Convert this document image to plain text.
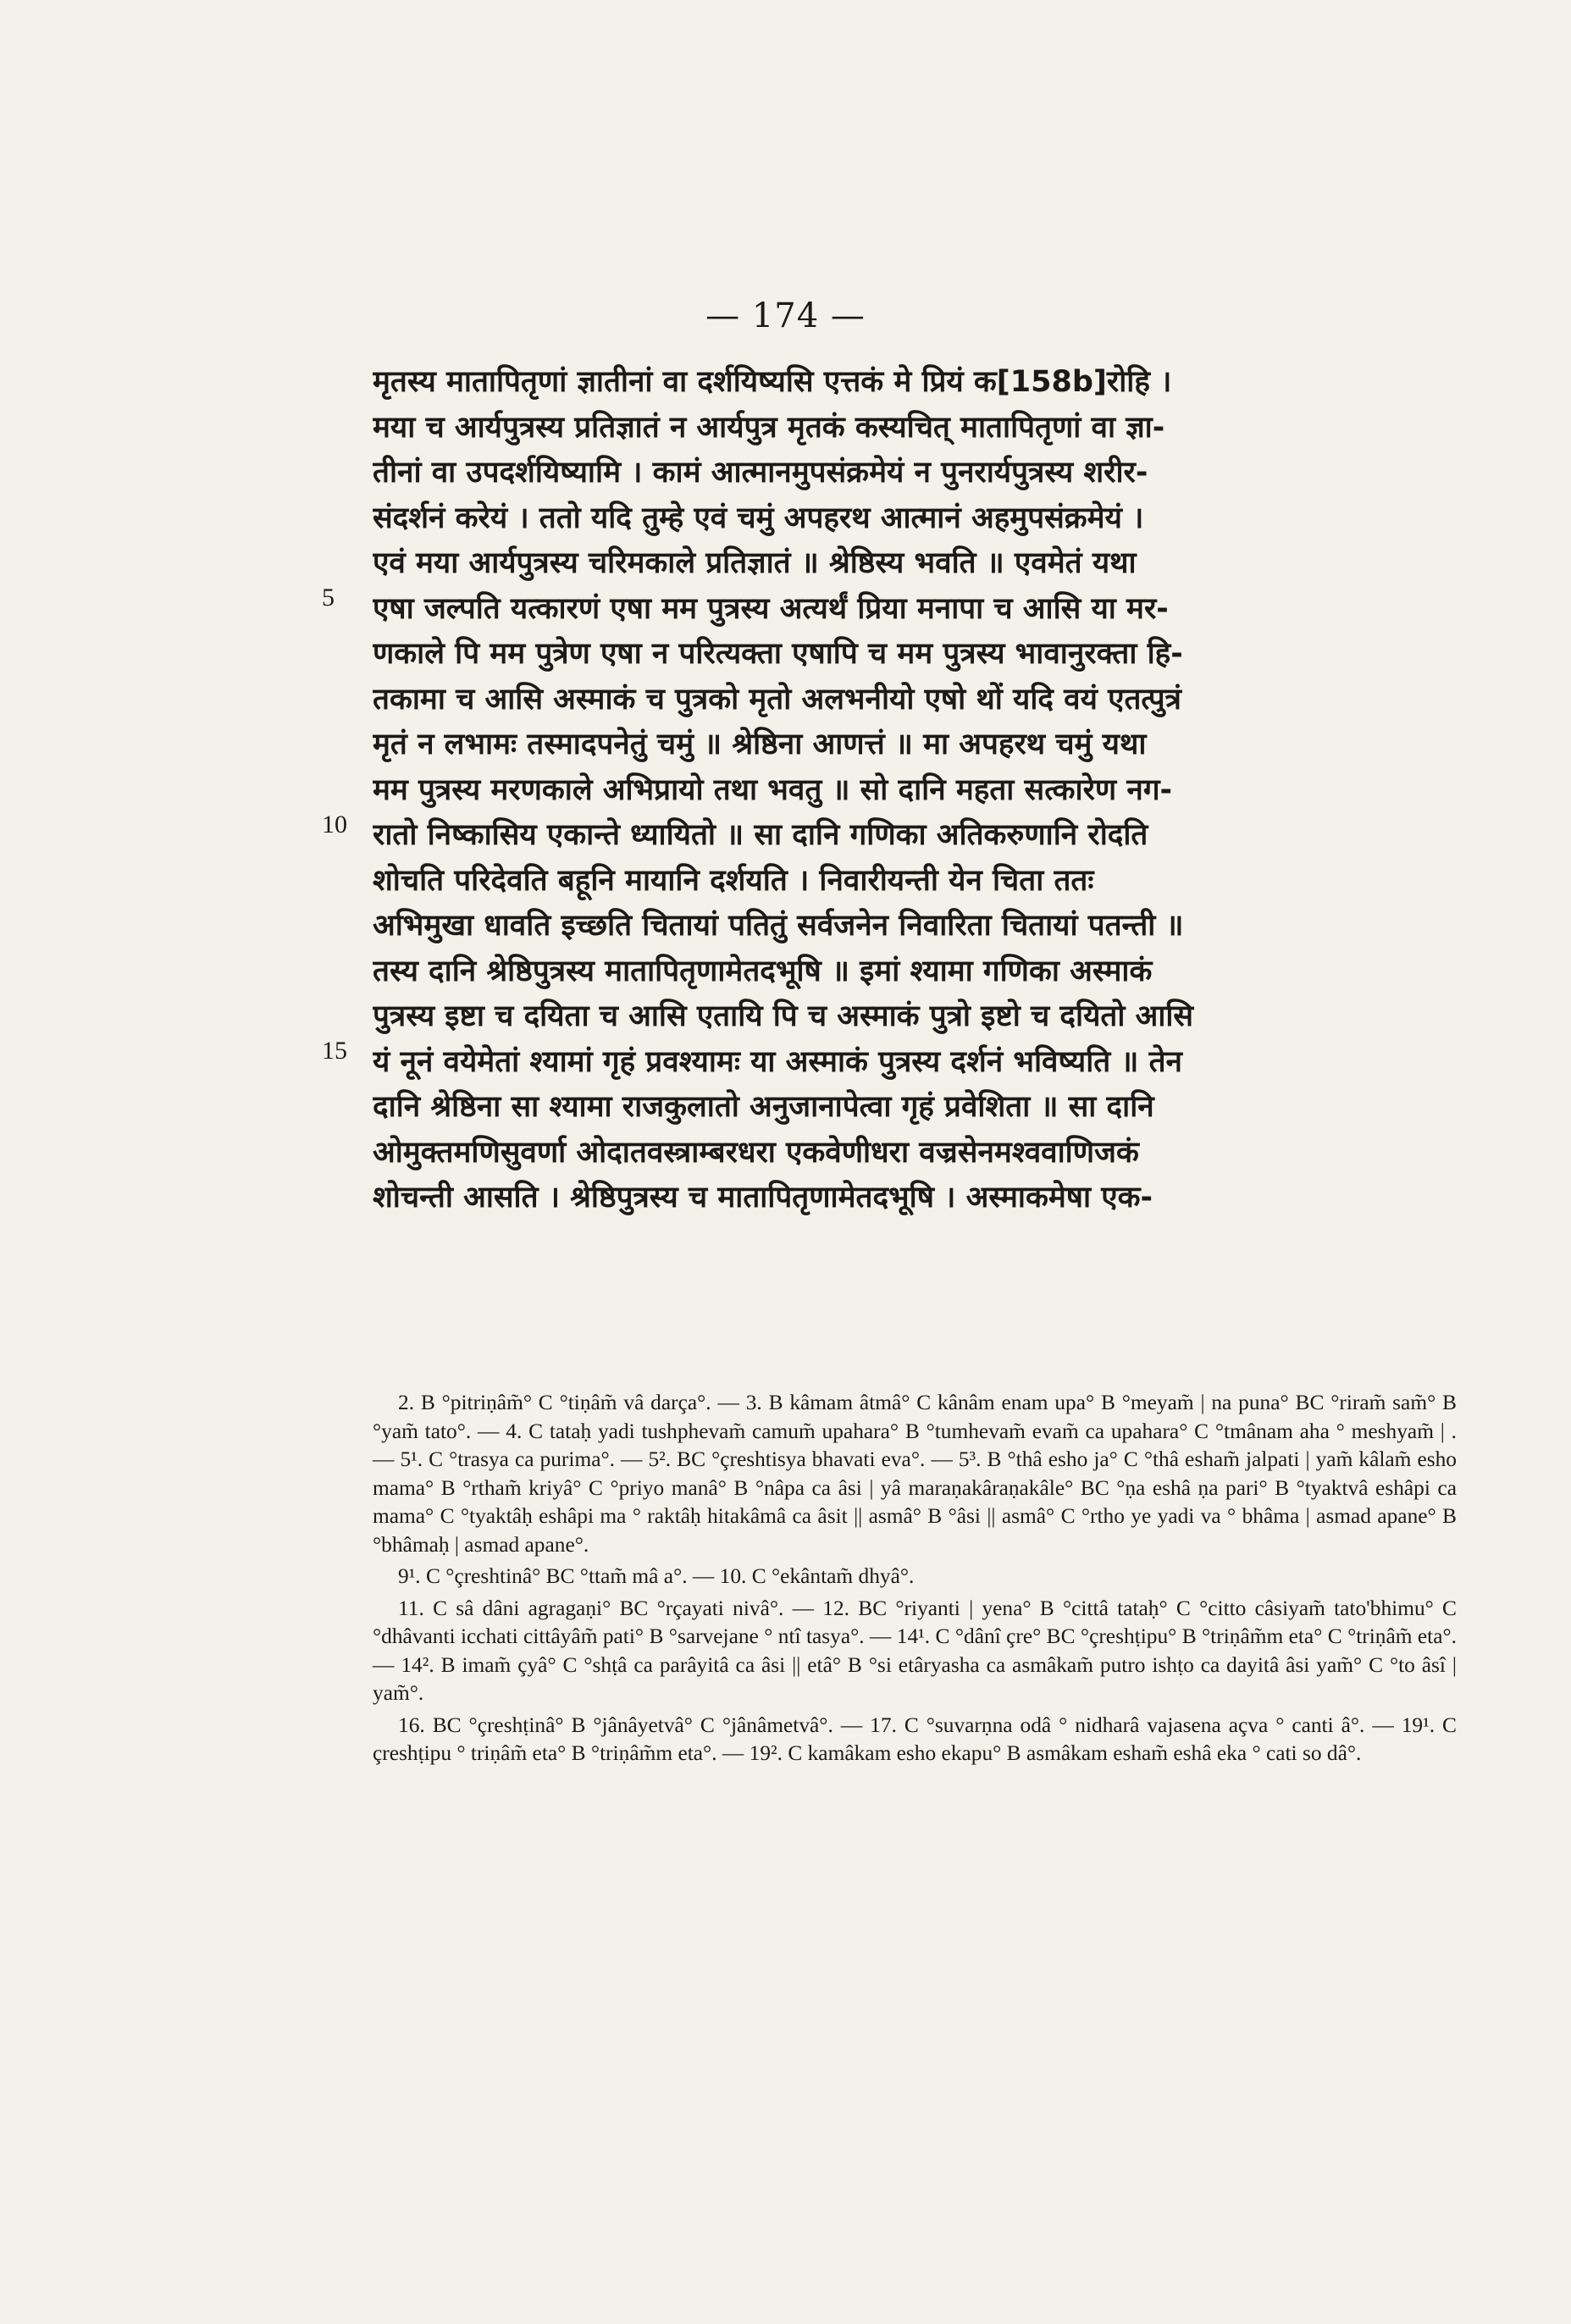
— 174 —
मृतस्य मातापितृणां ज्ञातीनां वा दर्शयिष्यसि एत्तकं मे प्रियं क[158b]रोहि ।
मया च आर्यपुत्रस्य प्रतिज्ञातं न आर्यपुत्र मृतकं कस्यचित् मातापितृणां वा ज्ञा-
तीनां वा उपदर्शयिष्यामि । कामं आत्मानमुपसंक्रमेयं न पुनरार्यपुत्रस्य शरीर-
संदर्शनं करेयं । ततो यदि तुम्हे एवं चमुं अपहरथ आत्मानं अहमुपसंक्रमेयं ।
एवं मया आर्यपुत्रस्य चरिमकाले प्रतिज्ञातं ॥ श्रेष्ठिस्य भवति ॥ एवमेतं यथा
एषा जल्पति यत्कारणं एषा मम पुत्रस्य अत्यर्थं प्रिया मनापा च आसि या मर-
णकाले पि मम पुत्रेण एषा न परित्यक्ता एषापि च मम पुत्रस्य भावानुरक्ता हि-
तकामा च आसि अस्माकं च पुत्रको मृतो अलभनीयो एषो थों यदि वयं एतत्पुत्रं
मृतं न लभामः तस्मादपनेतुं चमुं ॥ श्रेष्ठिना आणत्तं ॥ मा अपहरथ चमुं यथा
मम पुत्रस्य मरणकाले अभिप्रायो तथा भवतु ॥ सो दानि महता सत्कारेण नग-
रातो निष्कासिय एकान्ते ध्यायितो ॥ सा दानि गणिका अतिकरुणानि रोदति
शोचति परिदेवति बहूनि मायानि दर्शयति । निवारीयन्ती येन चिता ततः
अभिमुखा धावति इच्छति चितायां पतितुं सर्वजनेन निवारिता चितायां पतन्ती ॥
तस्य दानि श्रेष्ठिपुत्रस्य मातापितृणामेतदभूषि ॥ इमां श्यामा गणिका अस्माकं
पुत्रस्य इष्टा च दयिता च आसि एतायि पि च अस्माकं पुत्रो इष्टो च दयितो आसि
यं नूनं वयेमेतां श्यामां गृहं प्रवश्यामः या अस्माकं पुत्रस्य दर्शनं भविष्यति ॥ तेन
दानि श्रेष्ठिना सा श्यामा राजकुलातो अनुजानापेत्वा गृहं प्रवेशिता ॥ सा दानि
ओमुक्तमणिसुवर्णा ओदातवस्त्राम्बरधरा एकवेणीधरा वज्रसेनमश्ववाणिजकं
शोचन्ती आसति । श्रेष्ठिपुत्रस्य च मातापितृणामेतदभूषि । अस्माकमेषा एक-
5
10
15

2. B °pitriṇâm̃° C °tiṇâm̃ vâ darça°. — 3. B kâmam âtmâ° C kânâm enam upa° B °meyam̃ | na puna° BC °riram̃ sam̃° B °yam̃ tato°. — 4. C tataḥ yadi tushphevam̃ camum̃ upahara° B °tumhevam̃ evam̃ ca upahara° C °tmânam aha ° meshyam̃ | . — 5¹. C °trasya ca purima°. — 5². BC °çreshtisya bhavati eva°. — 5³. B °thâ esho ja° C °thâ esham̃ jalpati | yam̃ kâlam̃ esho mama° B °rtham̃ kriyâ° C °priyo manâ° B °nâpa ca âsi | yâ maraṇakâraṇakâle° BC °ṇa eshâ ṇa pari° B °tyaktvâ eshâpi ca mama° C °tyaktâḥ eshâpi ma ° raktâḥ hitakâmâ ca âsit || asmâ° B °âsi || asmâ° C °rtho ye yadi va ° bhâma | asmad apane° B °bhâmaḥ | asmad apane°.

9¹. C °çreshtinâ° BC °ttam̃ mâ a°. — 10. C °ekântam̃ dhyâ°.

11. C sâ dâni agragaṇi° BC °rçayati nivâ°. — 12. BC °riyanti | yena° B °cittâ tataḥ° C °citto câsiyam̃ tato'bhimu° C °dhâvanti icchati cittâyâm̃ pati° B °sarvejane ° ntî tasya°. — 14¹. C °dânî çre° BC °çreshṭipu° B °triṇâm̃m eta° C °triṇâm̃ eta°. — 14². B imam̃ çyâ° C °shṭâ ca parâyitâ ca âsi || etâ° B °si etâryasha ca asmâkam̃ putro ishṭo ca dayitâ âsi yam̃° C °to âsî | yam̃°.

16. BC °çreshṭinâ° B °jânâyetvâ° C °jânâmetvâ°. — 17. C °suvarṇna odâ ° nidharâ vajasena açva ° canti â°. — 19¹. C çreshṭipu ° triṇâm̃ eta° B °triṇâm̃m eta°. — 19². C kamâkam esho ekapu° B asmâkam esham̃ eshâ eka ° cati so dâ°.
